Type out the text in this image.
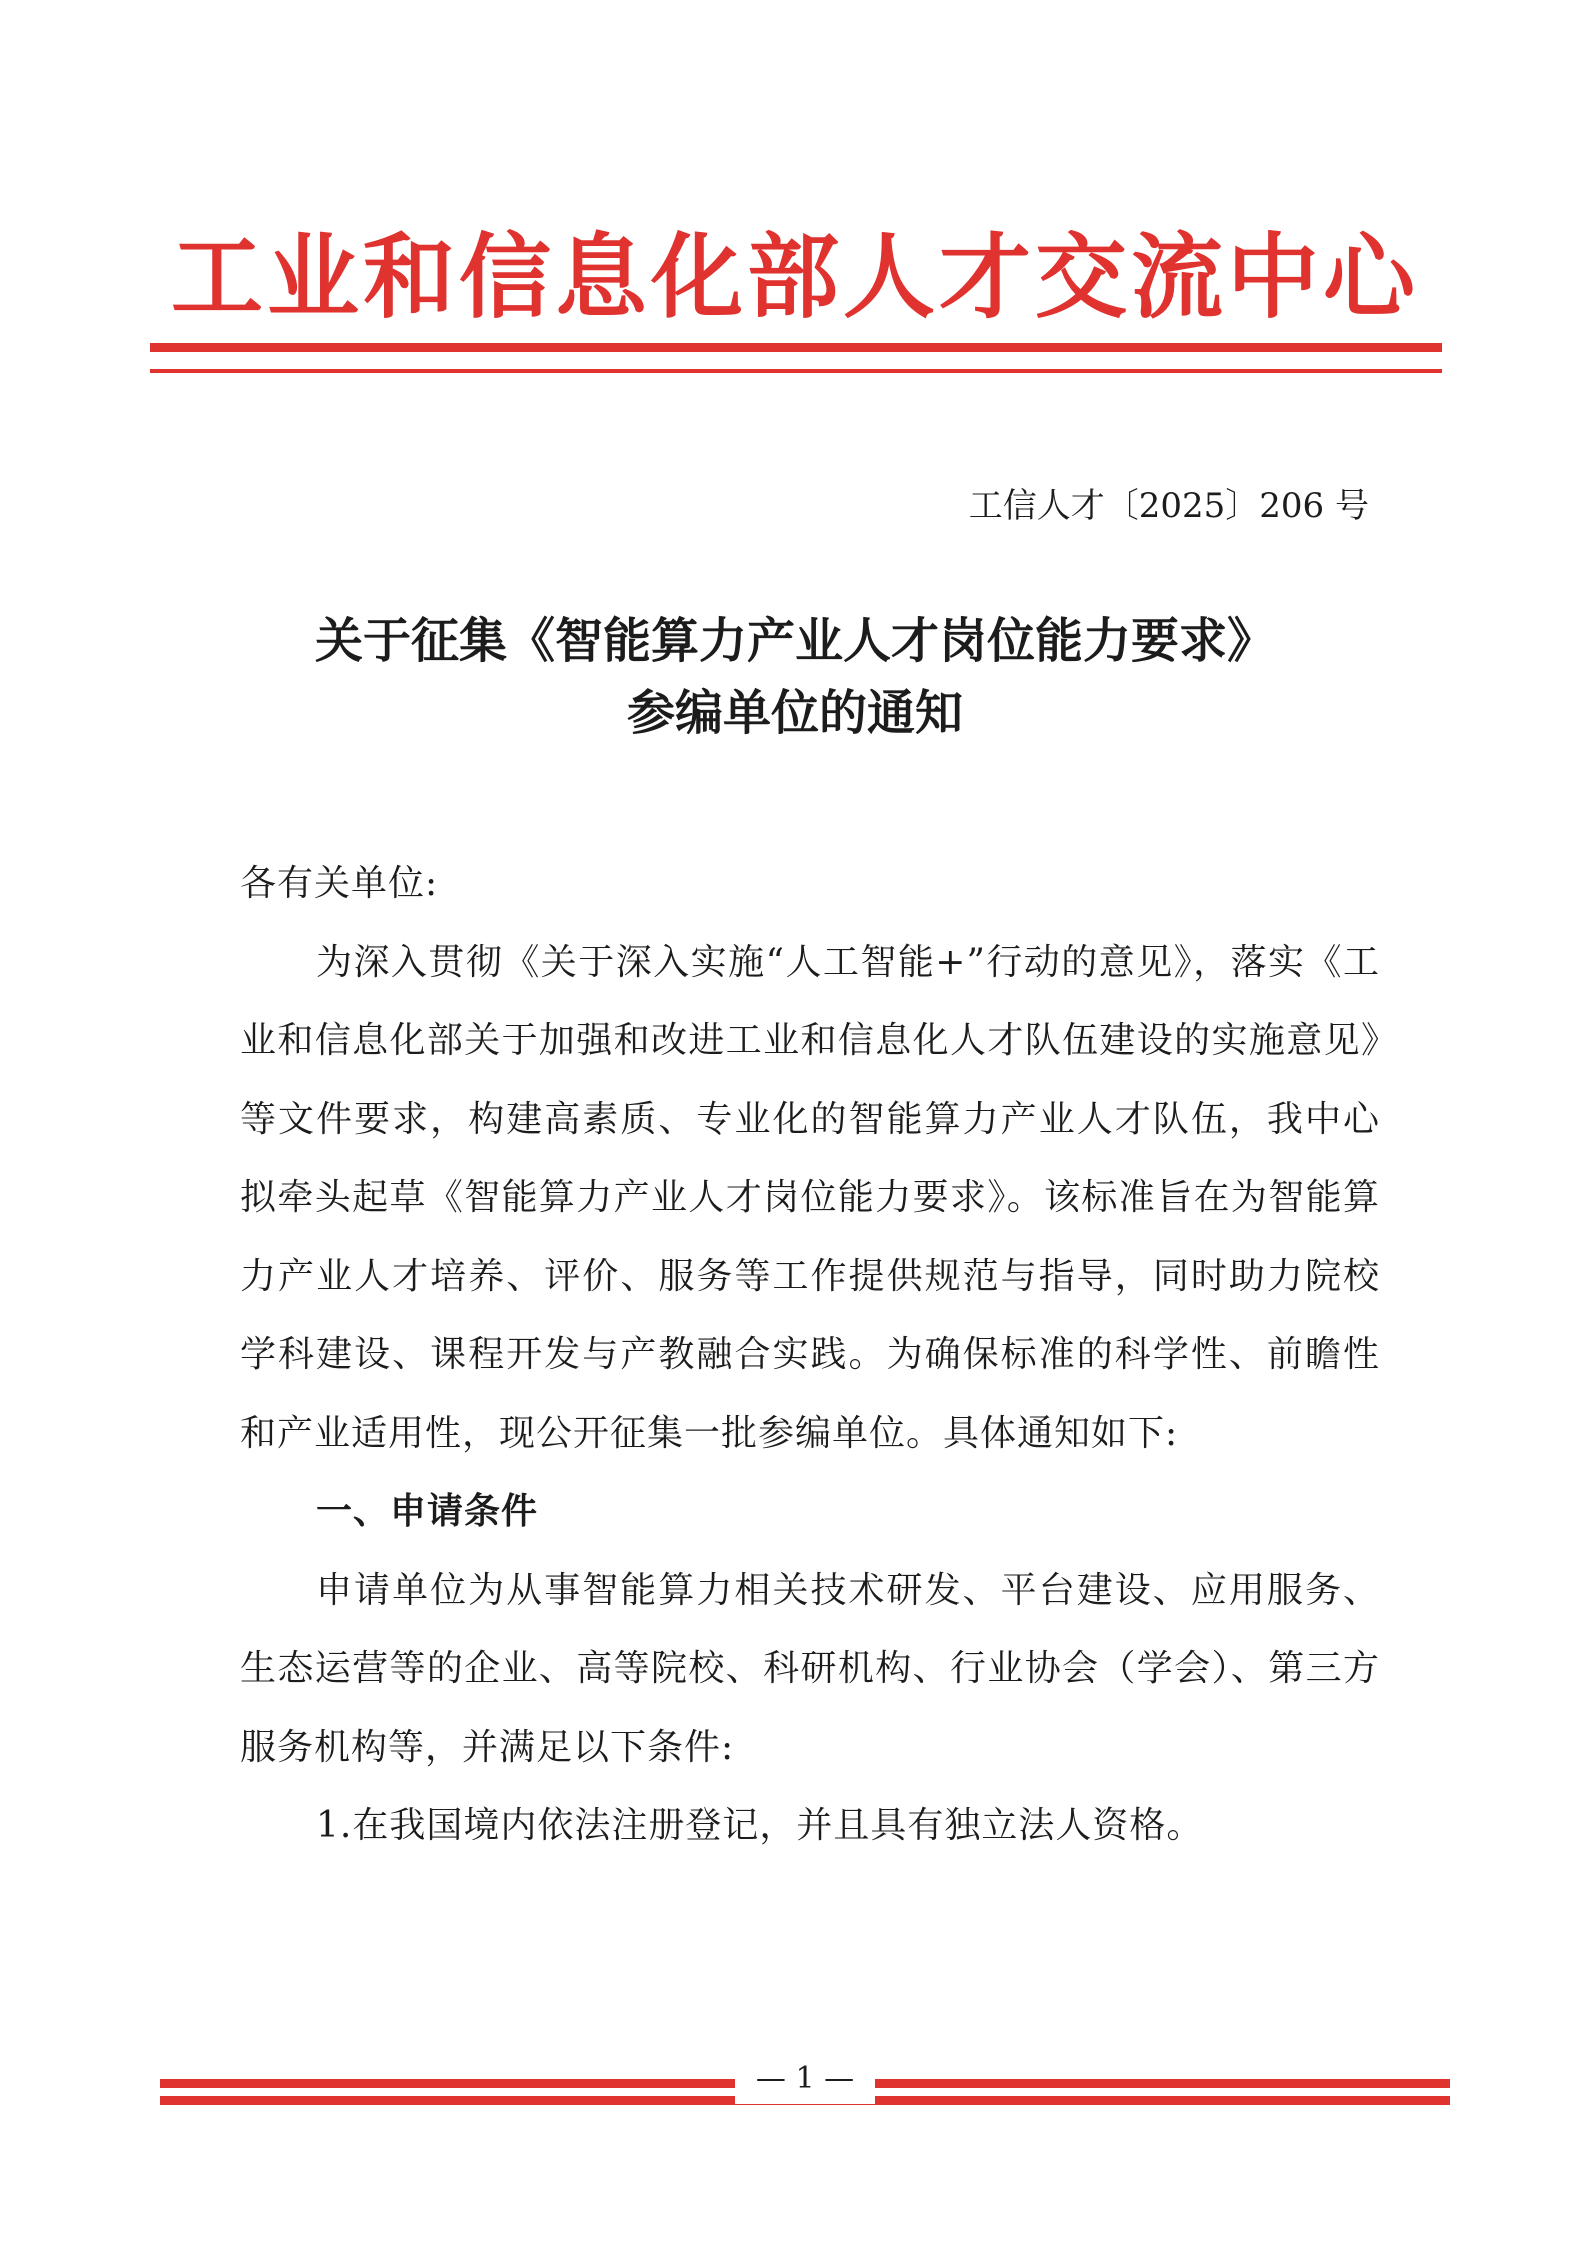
工业和信息化部人才交流中心
工信人才〔2025〕206 号
关于征集《智能算力产业人才岗位能力要求》
参编单位的通知

各有关单位:

为深入贯彻《关于深入实施“人工智能+”行动的意见》，落实《工业和信息化部关于加强和改进工业和信息化人才队伍建设的实施意见》等文件要求，构建高素质、专业化的智能算力产业人才队伍，我中心拟牵头起草《智能算力产业人才岗位能力要求》。该标准旨在为智能算力产业人才培养、评价、服务等工作提供规范与指导，同时助力院校学科建设、课程开发与产教融合实践。为确保标准的科学性、前瞻性和产业适用性，现公开征集一批参编单位。具体通知如下:

一、申请条件

申请单位为从事智能算力相关技术研发、平台建设、应用服务、生态运营等的企业、高等院校、科研机构、行业协会（学会）、第三方服务机构等，并满足以下条件:

1.在我国境内依法注册登记，并且具有独立法人资格。

— 1 —
